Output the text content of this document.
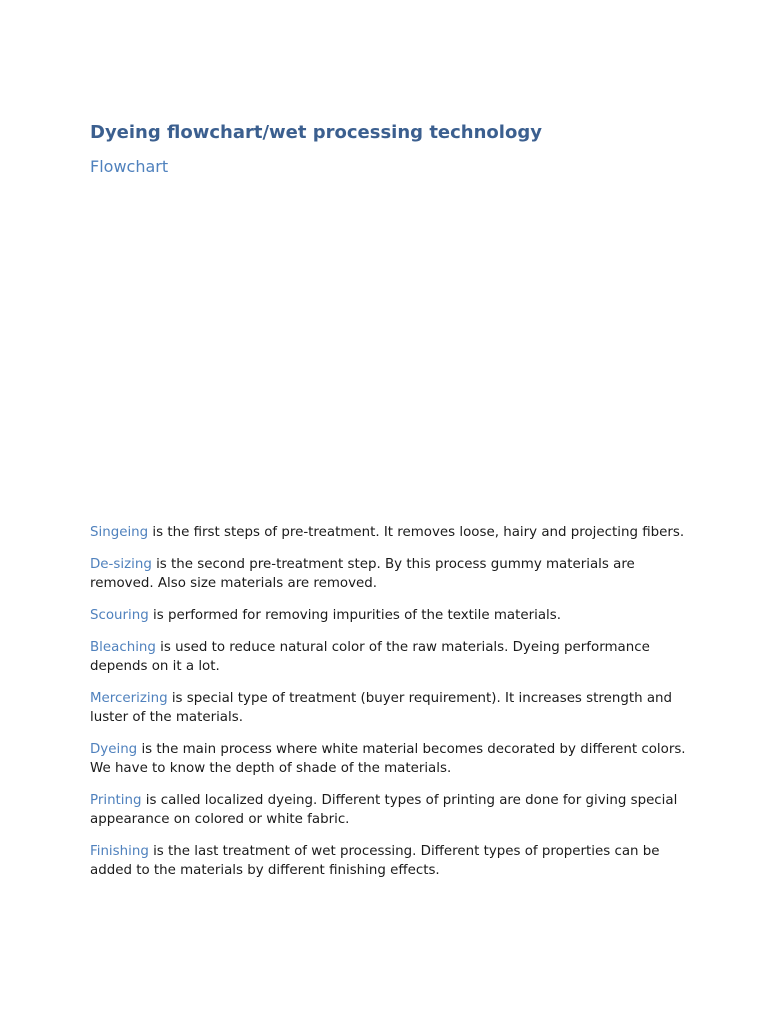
Dyeing flowchart/wet processing technology
Flowchart

Singeing is the first steps of pre-treatment. It removes loose, hairy and projecting fibers.

De-sizing is the second pre-treatment step. By this process gummy materials are removed. Also size materials are removed.

Scouring is performed for removing impurities of the textile materials.

Bleaching is used to reduce natural color of the raw materials. Dyeing performance depends on it a lot.

Mercerizing is special type of treatment (buyer requirement). It increases strength and luster of the materials.

Dyeing is the main process where white material becomes decorated by different colors. We have to know the depth of shade of the materials.

Printing is called localized dyeing. Different types of printing are done for giving special appearance on colored or white fabric.

Finishing is the last treatment of wet processing. Different types of properties can be added to the materials by different finishing effects.
